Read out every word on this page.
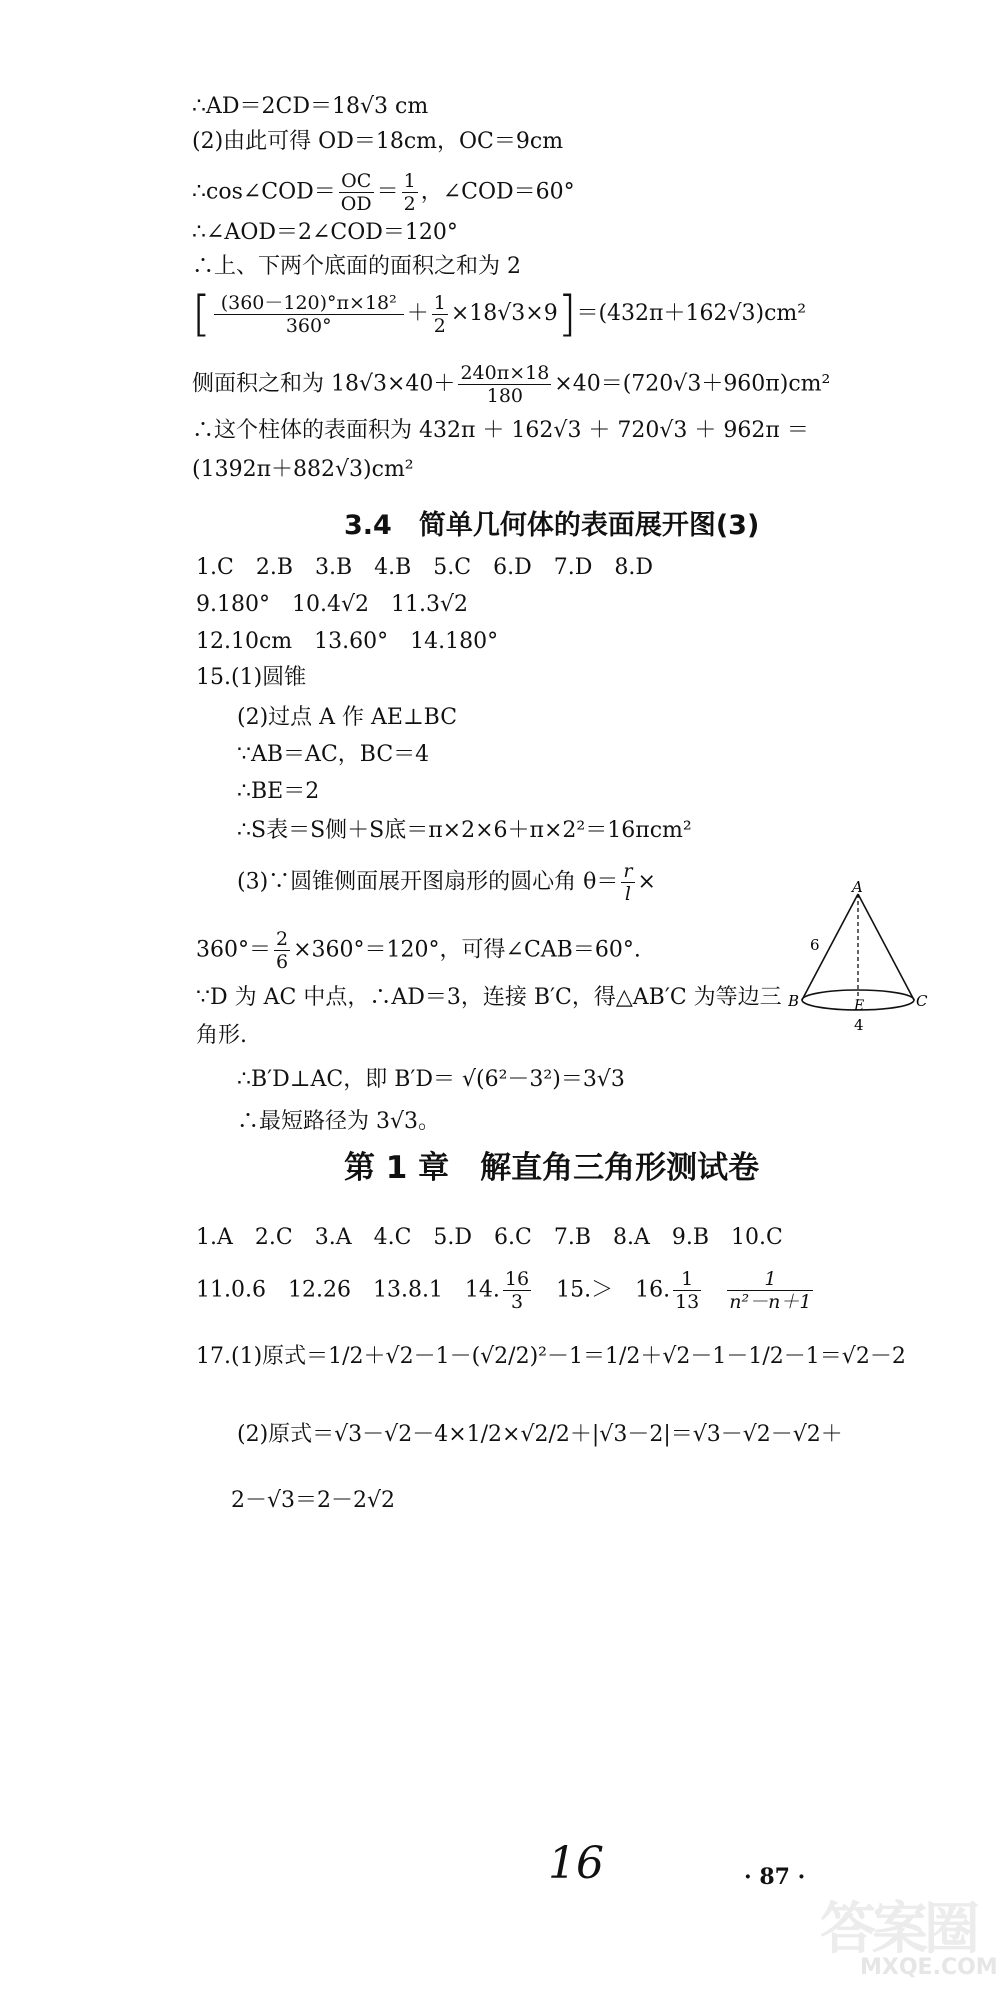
∴AD＝2CD＝18√3 cm
(2)由此可得 OD＝18cm，OC＝9cm
∴cos∠COD＝ $\frac{OC}{OD} = \frac{1}{2}$ ，∠COD＝60°
∴∠AOD＝2∠COD＝120°
∴上、下两个底面的面积之和为 2
[ $\frac{\text{(360－120)°π×18²}}{360^\circ} + \frac{1}{2} \times 18√3\times 9]=(432\pi+162√3)cm^2$
侧面积之和为 $18√3\times 40+ \frac{240\pi\times 18}{180} \times 40=(720√3+960\pi)cm^2$
∴这个柱体的表面积为 432π ＋ 162√3 ＋ 720√3 ＋ 962π ＝
(1392π＋882√3)cm²
3.4　简单几何体的表面展开图(3)
1.C　2.B　3.B　4.B　5.C　6.D　7.D　8.D
9.180°　10.4√2　11.3√2
12.10cm　13.60°　14.180°
15.(1)圆锥
(2)过点 A 作 AE⊥BC
∵AB＝AC，BC＝4
∴BE＝2
∴S表＝S侧＋S底＝π×2×6＋π×2²＝16πcm²
(3)∵圆锥侧面展开图扇形的圆心角 $\theta= \frac{r}{l}$ ×
$360^\circ= \frac{2}{6} \times 360^\circ=120^\circ$，可得∠CAB＝60°.
∵D 为 AC 中点，∴AD＝3，连接 B′C，得△AB′C 为等边三
角形.
∴B′D⊥AC，即 B′D＝ √(6²－3²)＝3√3
∴最短路径为 3√3。
A
B	C
E
6
4
第 1 章　解直角三角形测试卷
1.A　2.C　3.A　4.C　5.D　6.C　7.B　8.A　9.B　10.C
11.0.6　12.26　13.8.1　14. $\frac{16}{3}$ 　15.＞　16. $\frac{1}{13} \frac{1}{\text{n²－n＋1}}$
17.(1)原式＝1/2＋√2－1－(√2/2)²－1＝1/2＋√2－1－1/2－1＝√2－2
(2)原式＝√3－√2－4×1/2×√2/2＋|√3－2|＝√3－√2－√2＋
2－√3＝2－2√2
16	· 87 ·
答案圈
MXQE.COM
